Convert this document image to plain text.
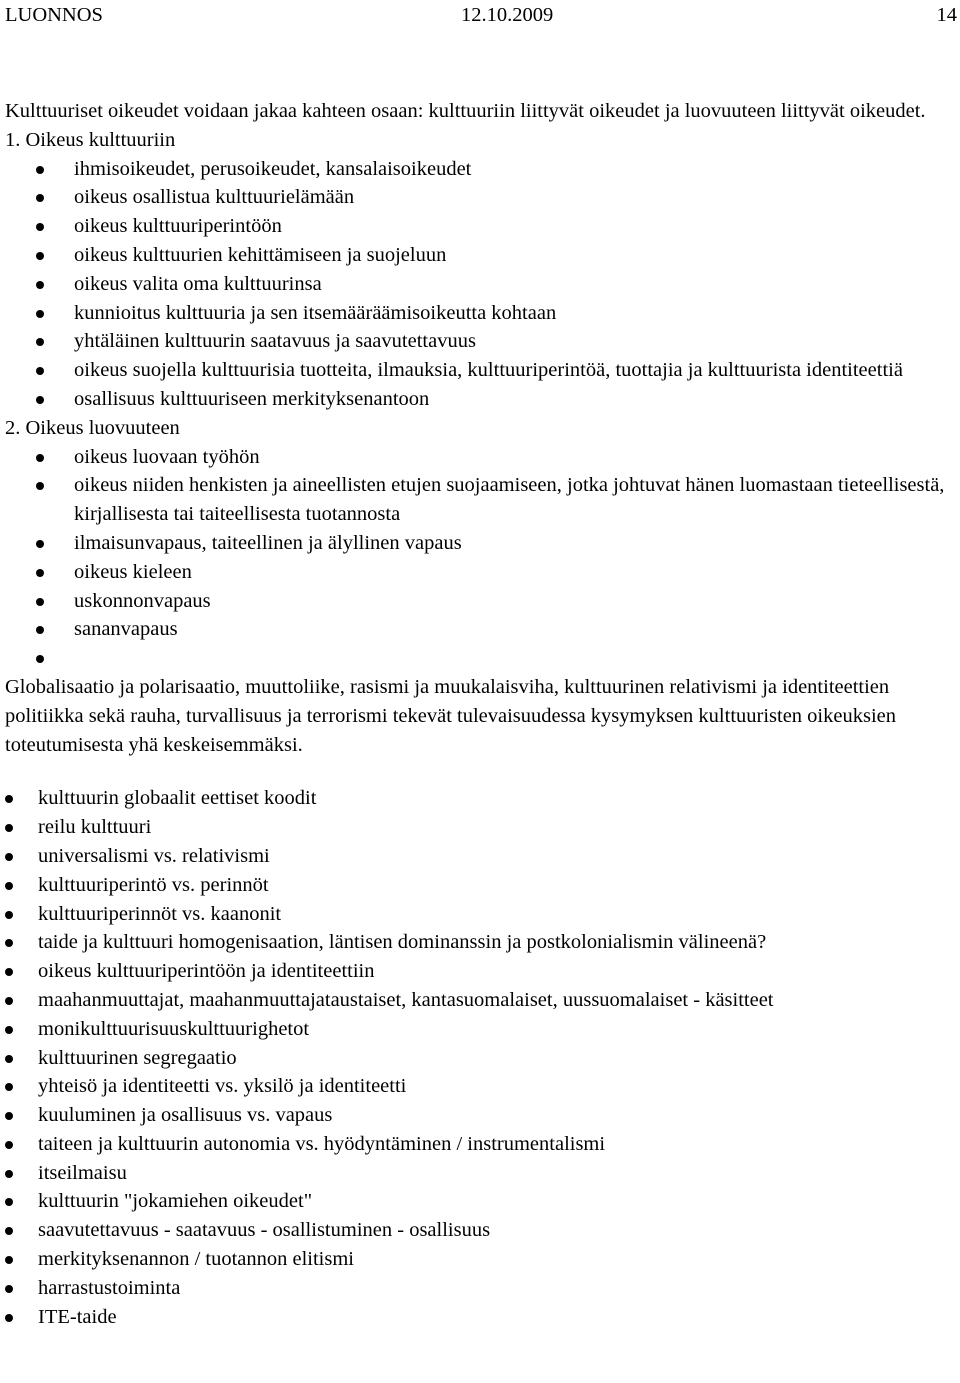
LUONNOS	12.10.2009	14

Kulttuuriset oikeudet voidaan jakaa kahteen osaan: kulttuuriin liittyvät oikeudet ja luovuuteen liittyvät oikeudet.

1. Oikeus kulttuuriin

ihmisoikeudet, perusoikeudet, kansalaisoikeudet
oikeus osallistua kulttuurielämään
oikeus kulttuuriperintöön
oikeus kulttuurien kehittämiseen ja suojeluun
oikeus valita oma kulttuurinsa
kunnioitus kulttuuria ja sen itsemääräämisoikeutta kohtaan
yhtäläinen kulttuurin saatavuus ja saavutettavuus
oikeus suojella kulttuurisia tuotteita, ilmauksia, kulttuuriperintöä, tuottajia ja kulttuurista identiteettiä
osallisuus kulttuuriseen merkityksenantoon

2. Oikeus luovuuteen

oikeus luovaan työhön
oikeus niiden henkisten ja aineellisten etujen suojaamiseen, jotka johtuvat hänen luomastaan tieteellisestä, kirjallisesta tai taiteellisesta tuotannosta
ilmaisunvapaus, taiteellinen ja älyllinen vapaus
oikeus kieleen
uskonnonvapaus
sananvapaus

Globalisaatio ja polarisaatio, muuttoliike, rasismi ja muukalaisviha, kulttuurinen relativismi ja identiteettien politiikka sekä rauha, turvallisuus ja terrorismi tekevät tulevaisuudessa kysymyksen kulttuuristen oikeuksien toteutumisesta yhä keskeisemmäksi.

kulttuurin globaalit eettiset koodit
reilu kulttuuri
universalismi vs. relativismi
kulttuuriperintö vs. perinnöt
kulttuuriperinnöt vs. kaanonit
taide ja kulttuuri homogenisaation, läntisen dominanssin ja postkolonialismin välineenä?
oikeus kulttuuriperintöön ja identiteettiin
maahanmuuttajat, maahanmuuttajataustaiset, kantasuomalaiset, uussuomalaiset - käsitteet
monikulttuurisuuskulttuurighetot
kulttuurinen segregaatio
yhteisö ja identiteetti vs. yksilö ja identiteetti
kuuluminen ja osallisuus vs. vapaus
taiteen ja kulttuurin autonomia vs. hyödyntäminen / instrumentalismi
itseilmaisu
kulttuurin "jokamiehen oikeudet"
saavutettavuus - saatavuus - osallistuminen - osallisuus
merkityksenannon / tuotannon elitismi
harrastustoiminta
ITE-taide
